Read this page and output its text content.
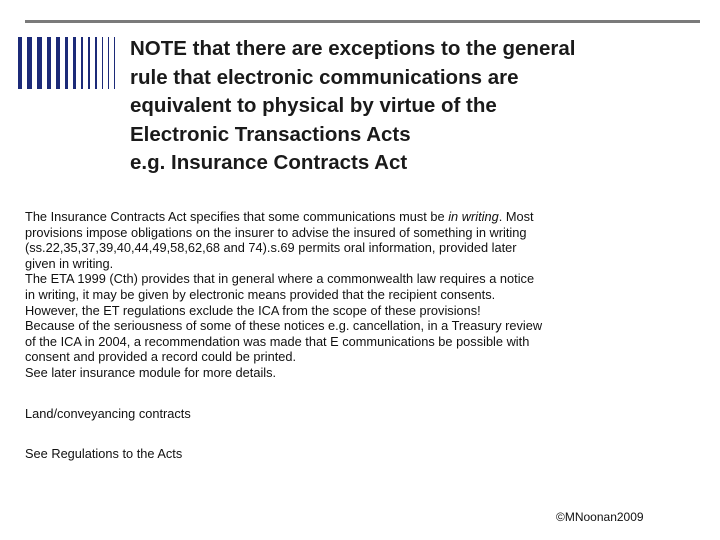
NOTE that there are exceptions to the general
rule that electronic communications are
equivalent to physical by virtue of the
Electronic Transactions Acts
e.g. Insurance Contracts Act
The Insurance Contracts Act specifies that some communications must be in writing. Most
provisions impose obligations on the insurer to advise the insured of something in writing
(ss.22,35,37,39,40,44,49,58,62,68 and 74).s.69 permits oral information, provided later
given in writing.
The ETA 1999 (Cth) provides that in general where a commonwealth law requires a notice
in writing, it may be given by electronic means provided that the recipient consents.
However, the ET regulations exclude the ICA from the scope of these provisions!
Because of the seriousness of some of these notices e.g. cancellation, in a Treasury review
of the ICA in 2004, a recommendation was made that E communications be possible with
consent and provided a record could be printed.
See later insurance module for more details.
Land/conveyancing contracts
See Regulations to the Acts
©MNoonan2009
